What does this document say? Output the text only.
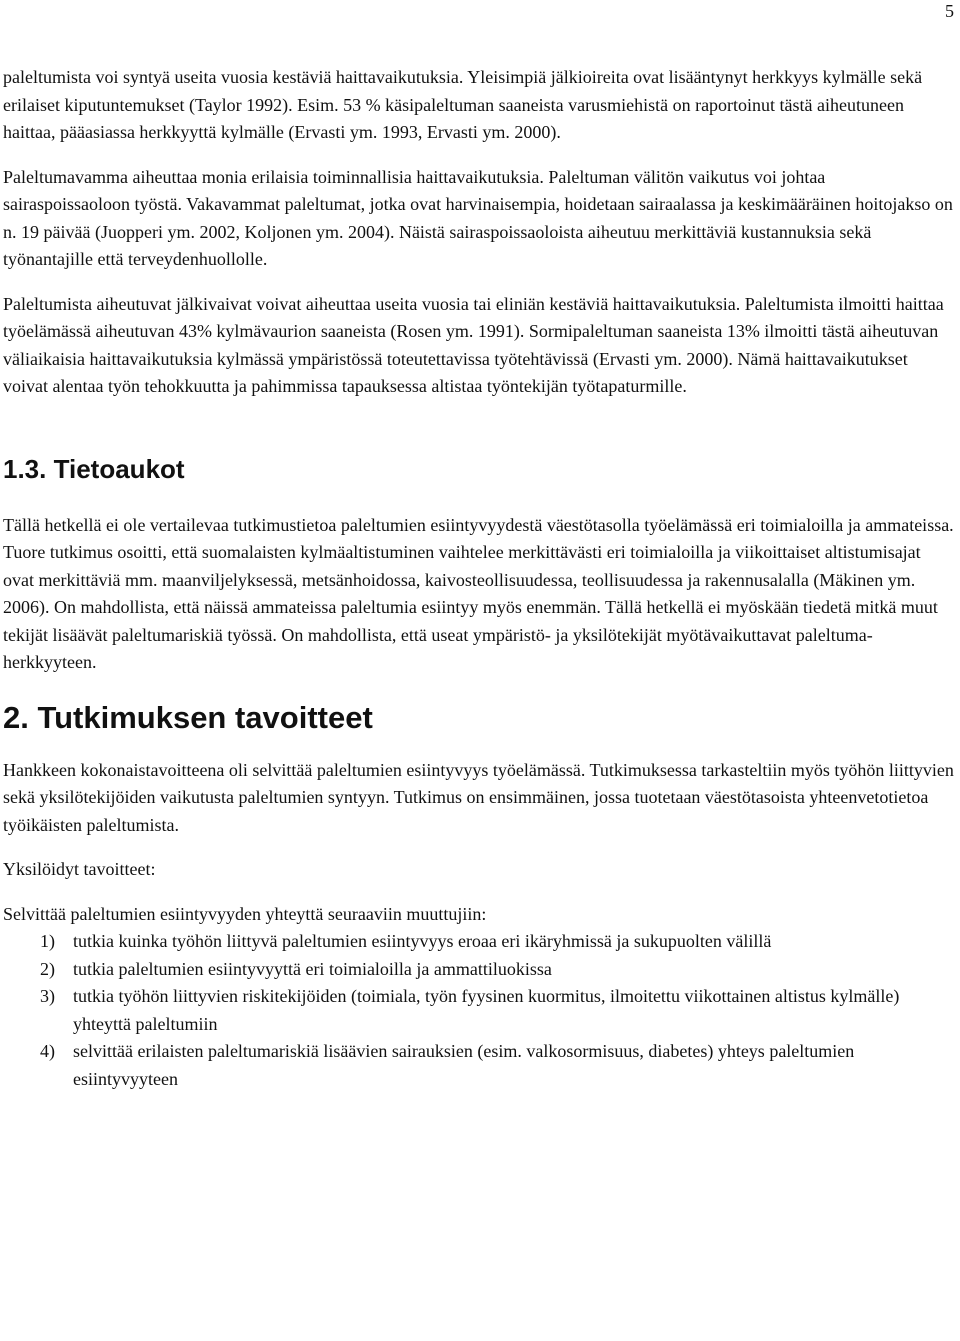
5

paleltumista voi syntyä useita vuosia kestäviä haittavaikutuksia. Yleisimpiä jälkioireita ovat lisääntynyt herkkyys kylmälle sekä erilaiset kiputuntemukset (Taylor 1992). Esim. 53 % käsipaleltuman saaneista varusmiehistä on raportoinut tästä aiheutuneen haittaa, pääasiassa herkkyyttä kylmälle (Ervasti ym. 1993, Ervasti ym. 2000).

Paleltumavamma aiheuttaa monia erilaisia toiminnallisia haittavaikutuksia. Paleltuman välitön vaikutus voi johtaa sairaspoissaoloon työstä. Vakavammat paleltumat, jotka ovat harvinaisempia, hoidetaan sairaalassa ja keskimääräinen hoitojakso on n. 19 päivää (Juopperi ym. 2002, Koljonen ym. 2004). Näistä sairaspoissaoloista aiheutuu merkittäviä kustannuksia sekä työnantajille että terveydenhuollolle.

Paleltumista aiheutuvat jälkivaivat voivat aiheuttaa useita vuosia tai eliniän kestäviä haittavaikutuksia. Paleltumista ilmoitti haittaa työelämässä aiheutuvan 43% kylmävaurion saaneista (Rosen ym. 1991). Sormipaleltuman saaneista 13% ilmoitti tästä aiheutuvan väliaikaisia haittavaikutuksia kylmässä ympäristössä toteutettavissa työtehtävissä (Ervasti ym. 2000). Nämä haittavaikutukset voivat alentaa työn tehokkuutta ja pahimmissa tapauksessa altistaa työntekijän työtapaturmille.

1.3. Tietoaukot

Tällä hetkellä ei ole vertailevaa tutkimustietoa paleltumien esiintyvyydestä väestötasolla työelämässä eri toimialoilla ja ammateissa. Tuore tutkimus osoitti, että suomalaisten kylmäaltistuminen vaihtelee merkittävästi eri toimialoilla ja viikoittaiset altistumisajat ovat merkittäviä mm. maanviljelyksessä, metsänhoidossa, kaivosteollisuudessa, teollisuudessa ja rakennusalalla (Mäkinen ym. 2006). On mahdollista, että näissä ammateissa paleltumia esiintyy myös enemmän. Tällä hetkellä ei myöskään tiedetä mitkä muut tekijät lisäävät paleltumariskiä työssä. On mahdollista, että useat ympäristö- ja yksilötekijät myötävaikuttavat paleltuma-herkkyyteen.

2. Tutkimuksen tavoitteet

Hankkeen kokonaistavoitteena oli selvittää paleltumien esiintyvyys työelämässä. Tutkimuksessa tarkasteltiin myös työhön liittyvien sekä yksilötekijöiden vaikutusta paleltumien syntyyn. Tutkimus on ensimmäinen, jossa tuotetaan väestötasoista yhteenvetotietoa työikäisten paleltumista.

Yksilöidyt tavoitteet:

Selvittää paleltumien esiintyvyyden yhteyttä seuraaviin muuttujiin:

1) tutkia kuinka työhön liittyvä paleltumien esiintyvyys eroaa eri ikäryhmissä ja sukupuolten välillä
2) tutkia paleltumien esiintyvyyttä eri toimialoilla ja ammattiluokissa
3) tutkia työhön liittyvien riskitekijöiden (toimiala, työn fyysinen kuormitus, ilmoitettu viikottainen altistus kylmälle) yhteyttä paleltumiin
4) selvittää erilaisten paleltumariskiä lisäävien sairauksien (esim. valkosormisuus, diabetes) yhteys paleltumien esiintyvyyteen
